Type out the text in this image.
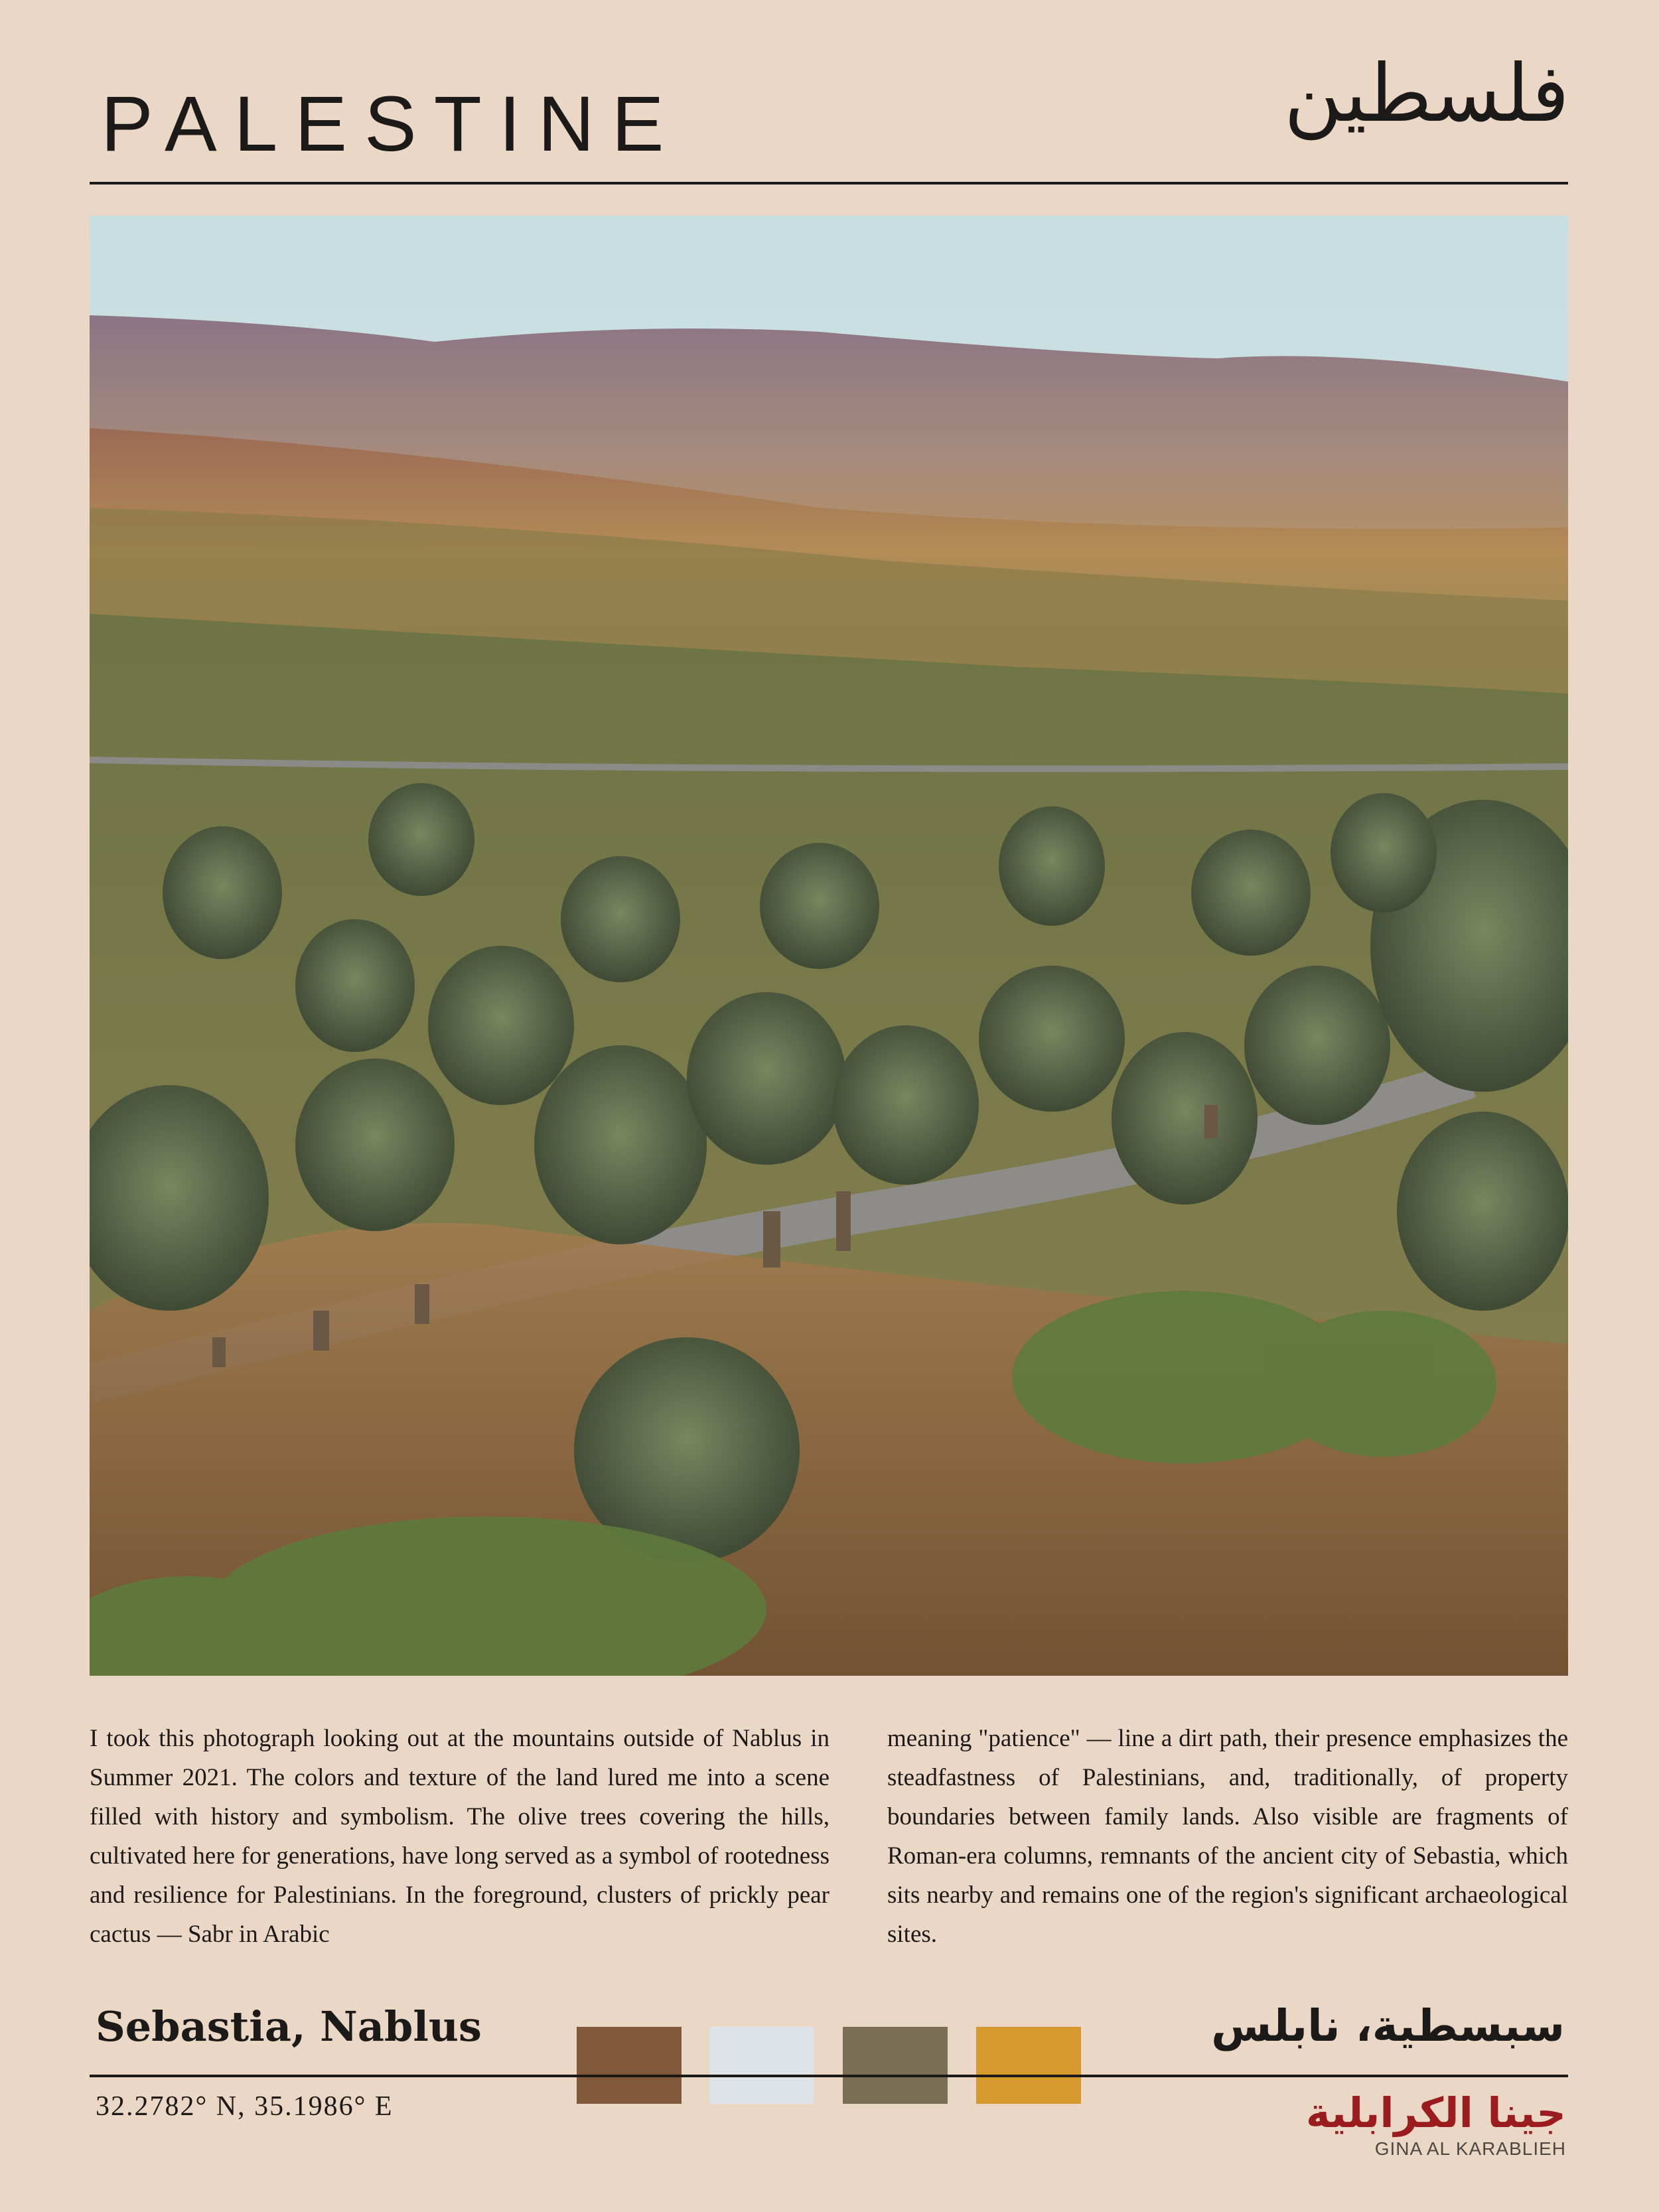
PALESTINE	فلسطين
I took this photograph looking out at the mountains outside of Nablus in Summer 2021. The colors and texture of the land lured me into a scene filled with history and symbolism. The olive trees covering the hills, cultivated here for generations, have long served as a symbol of rootedness and resilience for Palestinians. In the foreground, clusters of prickly pear cactus — Sabr in Arabic
meaning "patience" — line a dirt path, their presence emphasizes the steadfastness of Palestinians, and, traditionally, of property boundaries between family lands. Also visible are fragments of Roman-era columns, remnants of the ancient city of Sebastia, which sits nearby and remains one of the region's significant archaeological sites.
Sebastia, Nablus	سبسطية، نابلس
32.2782° N, 35.1986° E	جينا الكرابلية
GINA AL KARABLIEH
